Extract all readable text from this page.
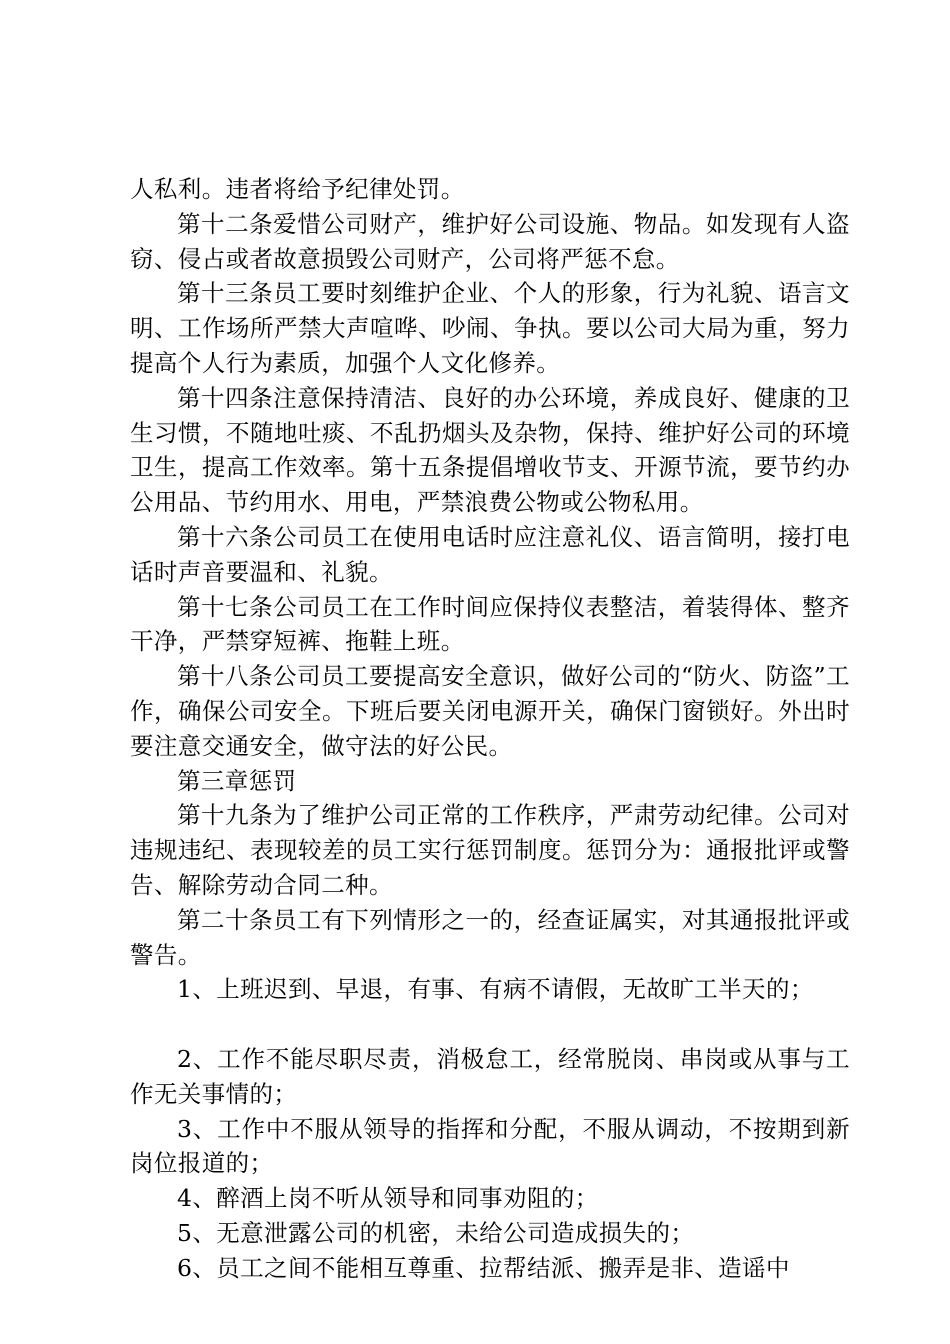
人私利。违者将给予纪律处罚。

第十二条爱惜公司财产，维护好公司设施、物品。如发现有人盗窃、侵占或者故意损毁公司财产，公司将严惩不怠。

第十三条员工要时刻维护企业、个人的形象，行为礼貌、语言文明、工作场所严禁大声喧哗、吵闹、争执。要以公司大局为重，努力提高个人行为素质，加强个人文化修养。

第十四条注意保持清洁、良好的办公环境，养成良好、健康的卫生习惯，不随地吐痰、不乱扔烟头及杂物，保持、维护好公司的环境卫生，提高工作效率。第十五条提倡增收节支、开源节流，要节约办公用品、节约用水、用电，严禁浪费公物或公物私用。

第十六条公司员工在使用电话时应注意礼仪、语言简明，接打电话时声音要温和、礼貌。

第十七条公司员工在工作时间应保持仪表整洁，着装得体、整齐干净，严禁穿短裤、拖鞋上班。

第十八条公司员工要提高安全意识，做好公司的“防火、防盗”工作，确保公司安全。下班后要关闭电源开关，确保门窗锁好。外出时要注意交通安全，做守法的好公民。

第三章惩罚

第十九条为了维护公司正常的工作秩序，严肃劳动纪律。公司对违规违纪、表现较差的员工实行惩罚制度。惩罚分为：通报批评或警告、解除劳动合同二种。

第二十条员工有下列情形之一的，经查证属实，对其通报批评或警告。

1、上班迟到、早退，有事、有病不请假，无故旷工半天的；

2、工作不能尽职尽责，消极怠工，经常脱岗、串岗或从事与工作无关事情的；

3、工作中不服从领导的指挥和分配，不服从调动，不按期到新岗位报道的；

4、醉酒上岗不听从领导和同事劝阻的；

5、无意泄露公司的机密，未给公司造成损失的；

6、员工之间不能相互尊重、拉帮结派、搬弄是非、造谣中
